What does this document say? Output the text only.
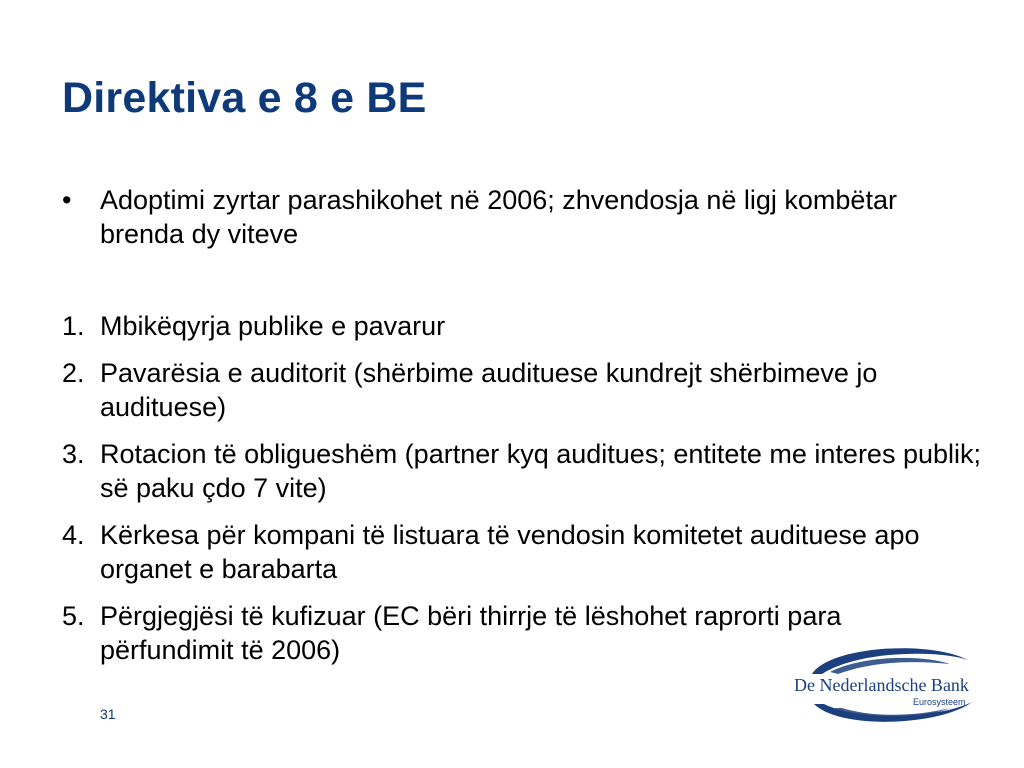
Direktiva e 8 e BE
•	Adoptimi zyrtar parashikohet në 2006; zhvendosja në ligj kombëtar brenda dy viteve
1. Mbikëqyrja publike e pavarur
2. Pavarësia e auditorit (shërbime audituese kundrejt shërbimeve jo audituese)
3. Rotacion të obligueshëm (partner kyq auditues; entitete me interes publik; së paku çdo 7 vite)
4. Kërkesa për kompani të listuara të vendosin komitetet audituese apo organet e barabarta
5. Përgjegjësi të kufizuar (EC bëri thirrje të lëshohet raprorti para përfundimit të 2006)
31
De Nederlandsche Bank
Eurosysteem
